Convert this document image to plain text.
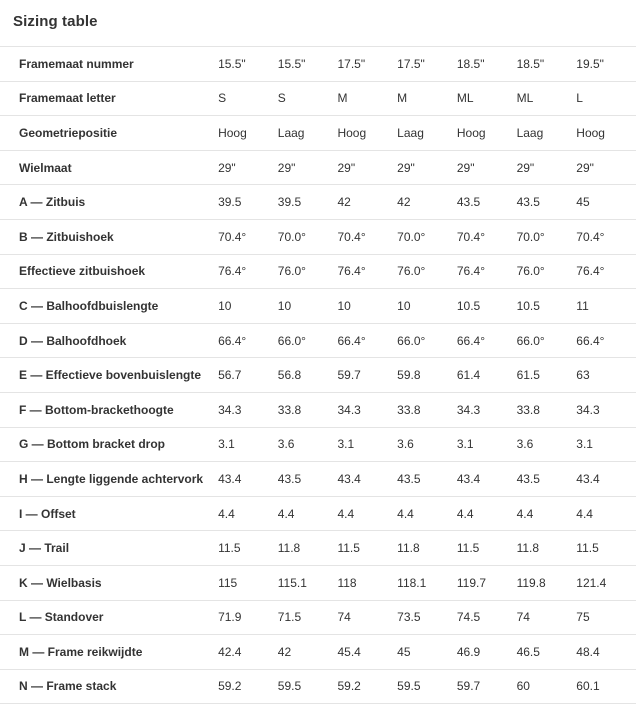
Sizing table
Framemaat nummer	15.5"	15.5"	17.5"	17.5"	18.5"	18.5"	19.5"
Framemaat letter	S	S	M	M	ML	ML	L
Geometriepositie	Hoog	Laag	Hoog	Laag	Hoog	Laag	Hoog
Wielmaat	29"	29"	29"	29"	29"	29"	29"
A — Zitbuis	39.5	39.5	42	42	43.5	43.5	45
B — Zitbuishoek	70.4°	70.0°	70.4°	70.0°	70.4°	70.0°	70.4°
Effectieve zitbuishoek	76.4°	76.0°	76.4°	76.0°	76.4°	76.0°	76.4°
C — Balhoofdbuislengte	10	10	10	10	10.5	10.5	11
D — Balhoofdhoek	66.4°	66.0°	66.4°	66.0°	66.4°	66.0°	66.4°
E — Effectieve bovenbuislengte	56.7	56.8	59.7	59.8	61.4	61.5	63
F — Bottom-brackethoogte	34.3	33.8	34.3	33.8	34.3	33.8	34.3
G — Bottom bracket drop	3.1	3.6	3.1	3.6	3.1	3.6	3.1
H — Lengte liggende achtervork	43.4	43.5	43.4	43.5	43.4	43.5	43.4
I — Offset	4.4	4.4	4.4	4.4	4.4	4.4	4.4
J — Trail	11.5	11.8	11.5	11.8	11.5	11.8	11.5
K — Wielbasis	115	115.1	118	118.1	119.7	119.8	121.4
L — Standover	71.9	71.5	74	73.5	74.5	74	75
M — Frame reikwijdte	42.4	42	45.4	45	46.9	46.5	48.4
N — Frame stack	59.2	59.5	59.2	59.5	59.7	60	60.1
